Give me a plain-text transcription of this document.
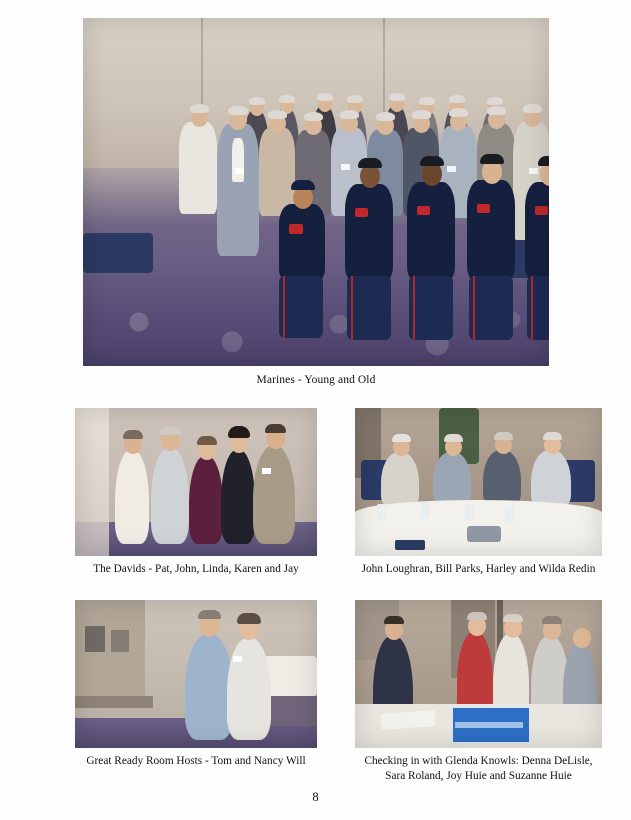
Marines - Young and Old
The Davids - Pat, John, Linda, Karen and Jay	John Loughran, Bill Parks, Harley and Wilda Redin
Great Ready Room Hosts - Tom and Nancy Will	Checking in with Glenda Knowls: Denna DeLisle,
Sara Roland, Joy Huie and Suzanne Huie
8
